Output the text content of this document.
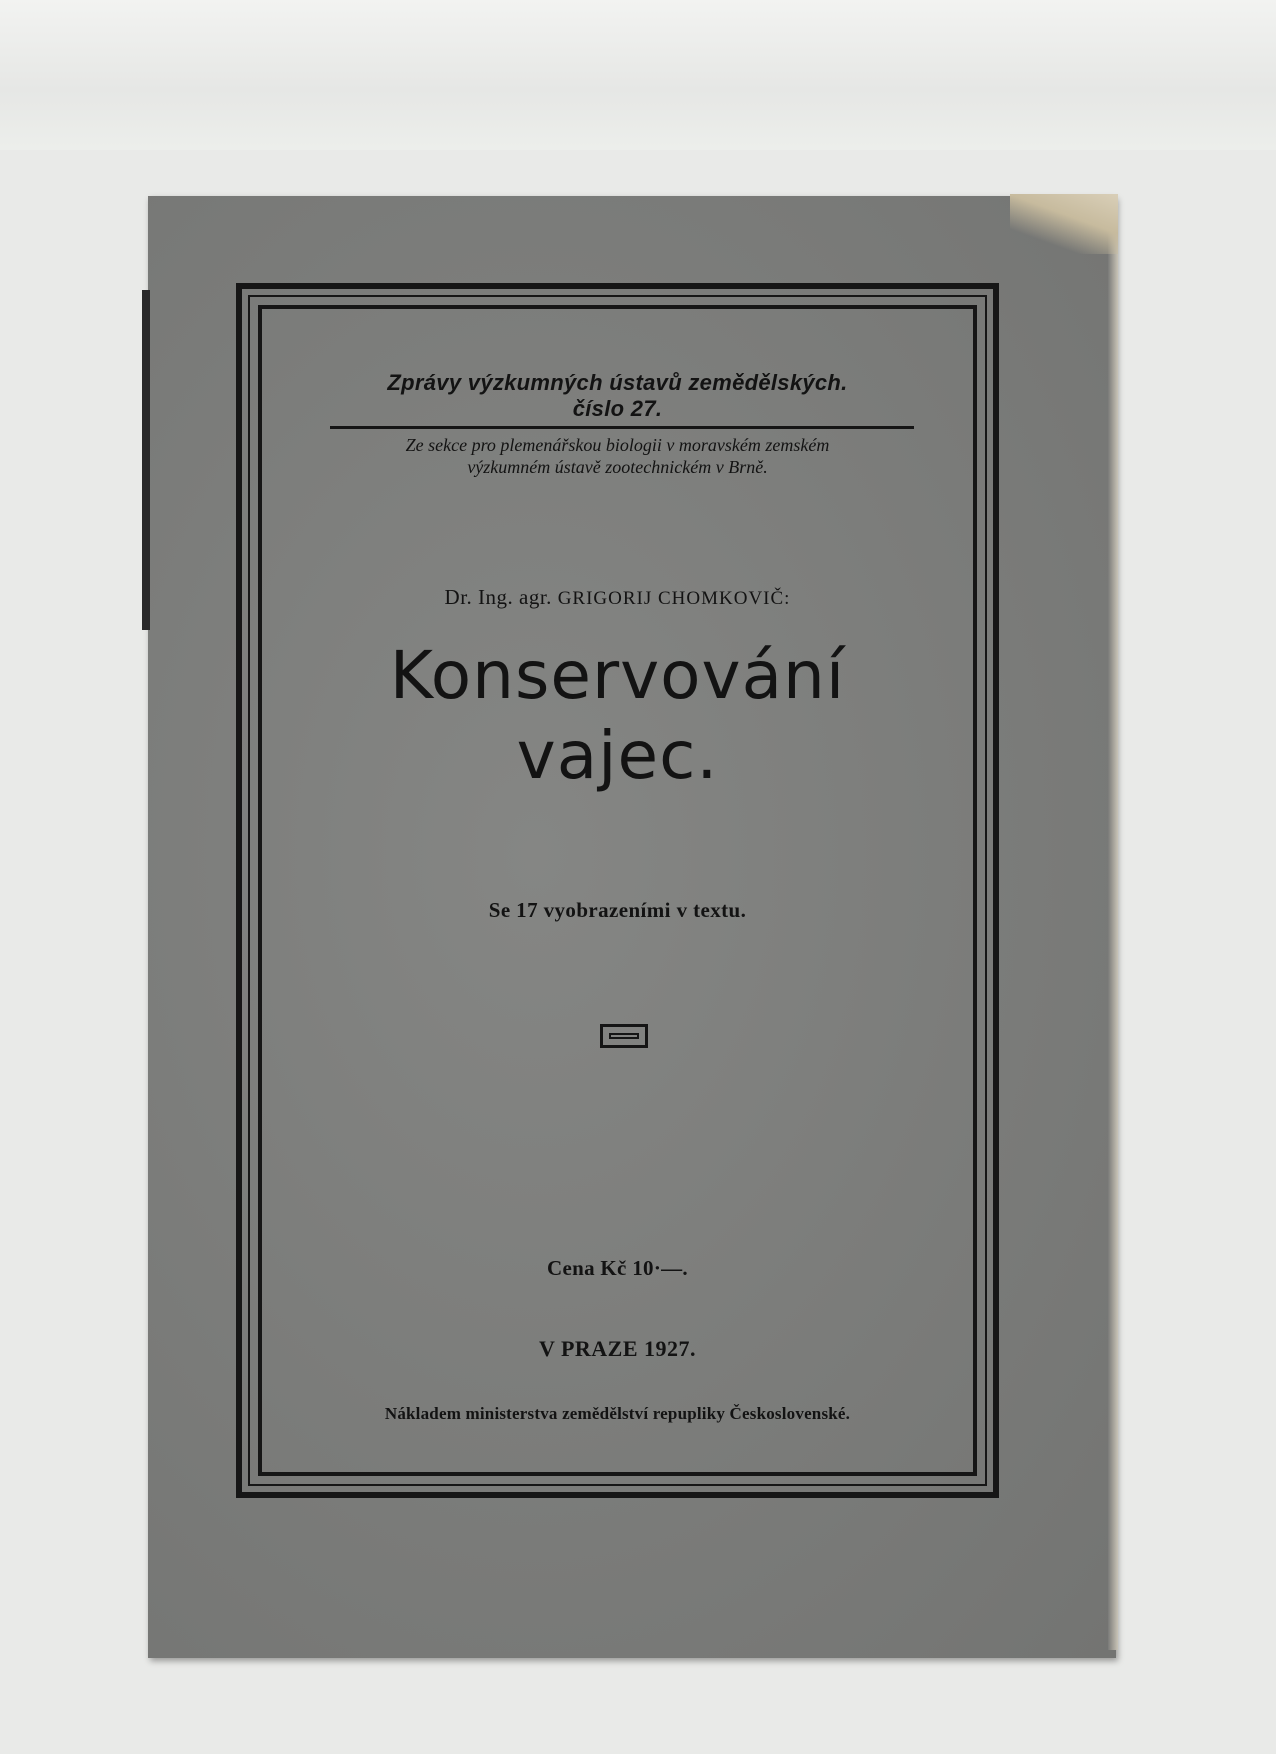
Zprávy výzkumných ústavů zemědělských.
číslo 27.
Ze sekce pro plemenářskou biologii v moravském zemském
výzkumném ústavě zootechnickém v Brně.
Dr. Ing. agr. GRIGORIJ CHOMKOVIČ:
Konservování
vajec.
Se 17 vyobrazeními v textu.
Cena Kč 10·—.
V PRAZE 1927.
Nákladem ministerstva zemědělství repupliky Československé.
